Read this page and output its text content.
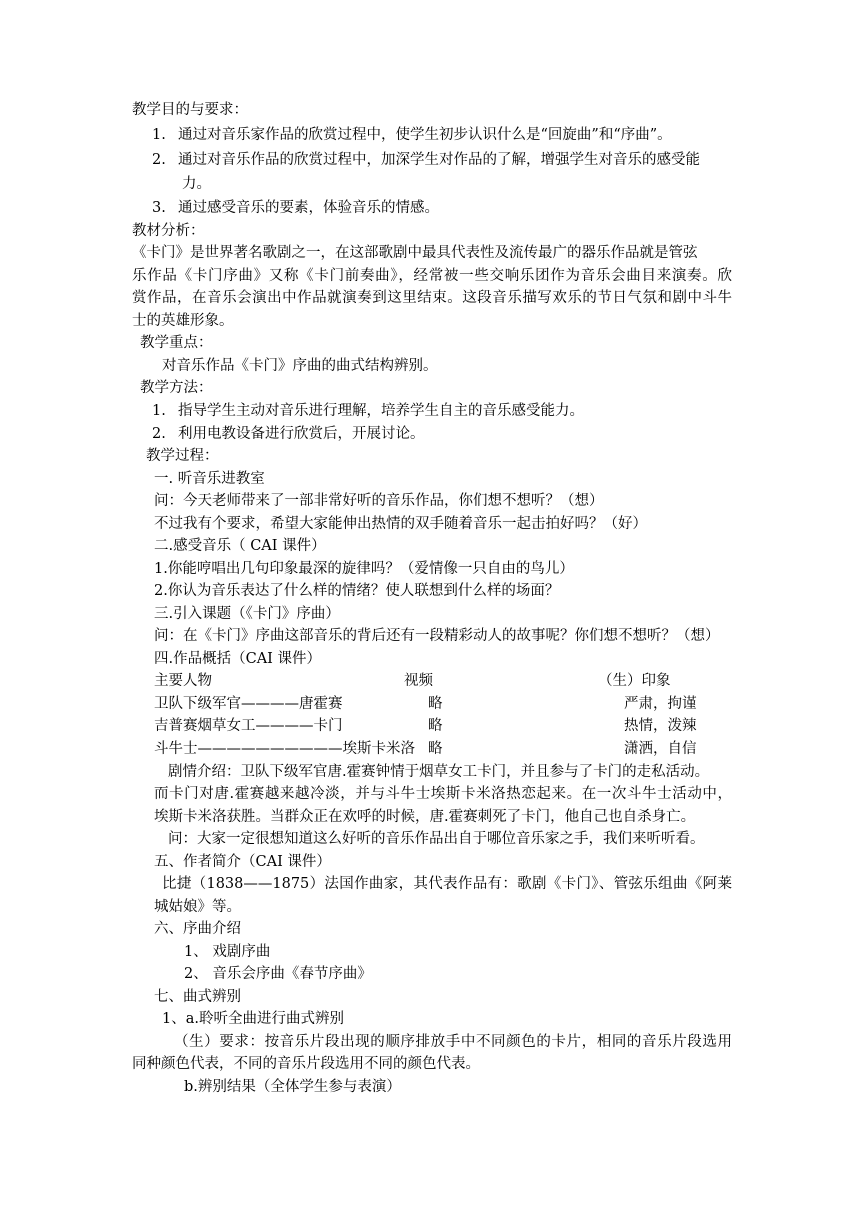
教学目的与要求：
1. 通过对音乐家作品的欣赏过程中，使学生初步认识什么是“回旋曲”和“序曲”。
2. 通过对音乐作品的欣赏过程中，加深学生对作品的了解，增强学生对音乐的感受能
力。
3. 通过感受音乐的要素，体验音乐的情感。
教材分析：
《卡门》是世界著名歌剧之一，在这部歌剧中最具代表性及流传最广的器乐作品就是管弦
乐作品《卡门序曲》又称《卡门前奏曲》，经常被一些交响乐团作为音乐会曲目来演奏。欣
赏作品，在音乐会演出中作品就演奏到这里结束。这段音乐描写欢乐的节日气氛和剧中斗牛
士的英雄形象。
教学重点：
对音乐作品《卡门》序曲的曲式结构辨别。
教学方法：
1. 指导学生主动对音乐进行理解，培养学生自主的音乐感受能力。
2. 利用电教设备进行欣赏后，开展讨论。
教学过程：
一. 听音乐进教室
问：今天老师带来了一部非常好听的音乐作品，你们想不想听？（想）
不过我有个要求，希望大家能伸出热情的双手随着音乐一起击拍好吗？（好）
二.感受音乐（ CAI 课件）
1.你能哼唱出几句印象最深的旋律吗？（爱情像一只自由的鸟儿）
2.你认为音乐表达了什么样的情绪？使人联想到什么样的场面？
三.引入课题（《卡门》序曲）
问：在《卡门》序曲这部音乐的背后还有一段精彩动人的故事呢？你们想不想听？（想）
四.作品概括（CAI 课件）
主要人物	视频	（生）印象
卫队下级军官————唐霍赛	略	严肃，拘谨
吉普赛烟草女工————卡门	略	热情，泼辣
斗牛士——————————埃斯卡米洛 略	潇洒，自信
剧情介绍：卫队下级军官唐.霍赛钟情于烟草女工卡门，并且参与了卡门的走私活动。
而卡门对唐.霍赛越来越冷淡，并与斗牛士埃斯卡米洛热恋起来。在一次斗牛士活动中，
埃斯卡米洛获胜。当群众正在欢呼的时候，唐.霍赛刺死了卡门，他自己也自杀身亡。
问：大家一定很想知道这么好听的音乐作品出自于哪位音乐家之手，我们来听听看。
五、作者简介（CAI 课件）
比捷（1838——1875）法国作曲家，其代表作品有：歌剧《卡门》、管弦乐组曲《阿莱
城姑娘》等。
六、序曲介绍
1、 戏剧序曲
2、 音乐会序曲《春节序曲》
七、曲式辨别
1、a.聆听全曲进行曲式辨别
（生）要求：按音乐片段出现的顺序排放手中不同颜色的卡片，相同的音乐片段选用
同种颜色代表，不同的音乐片段选用不同的颜色代表。
b.辨别结果（全体学生参与表演）
